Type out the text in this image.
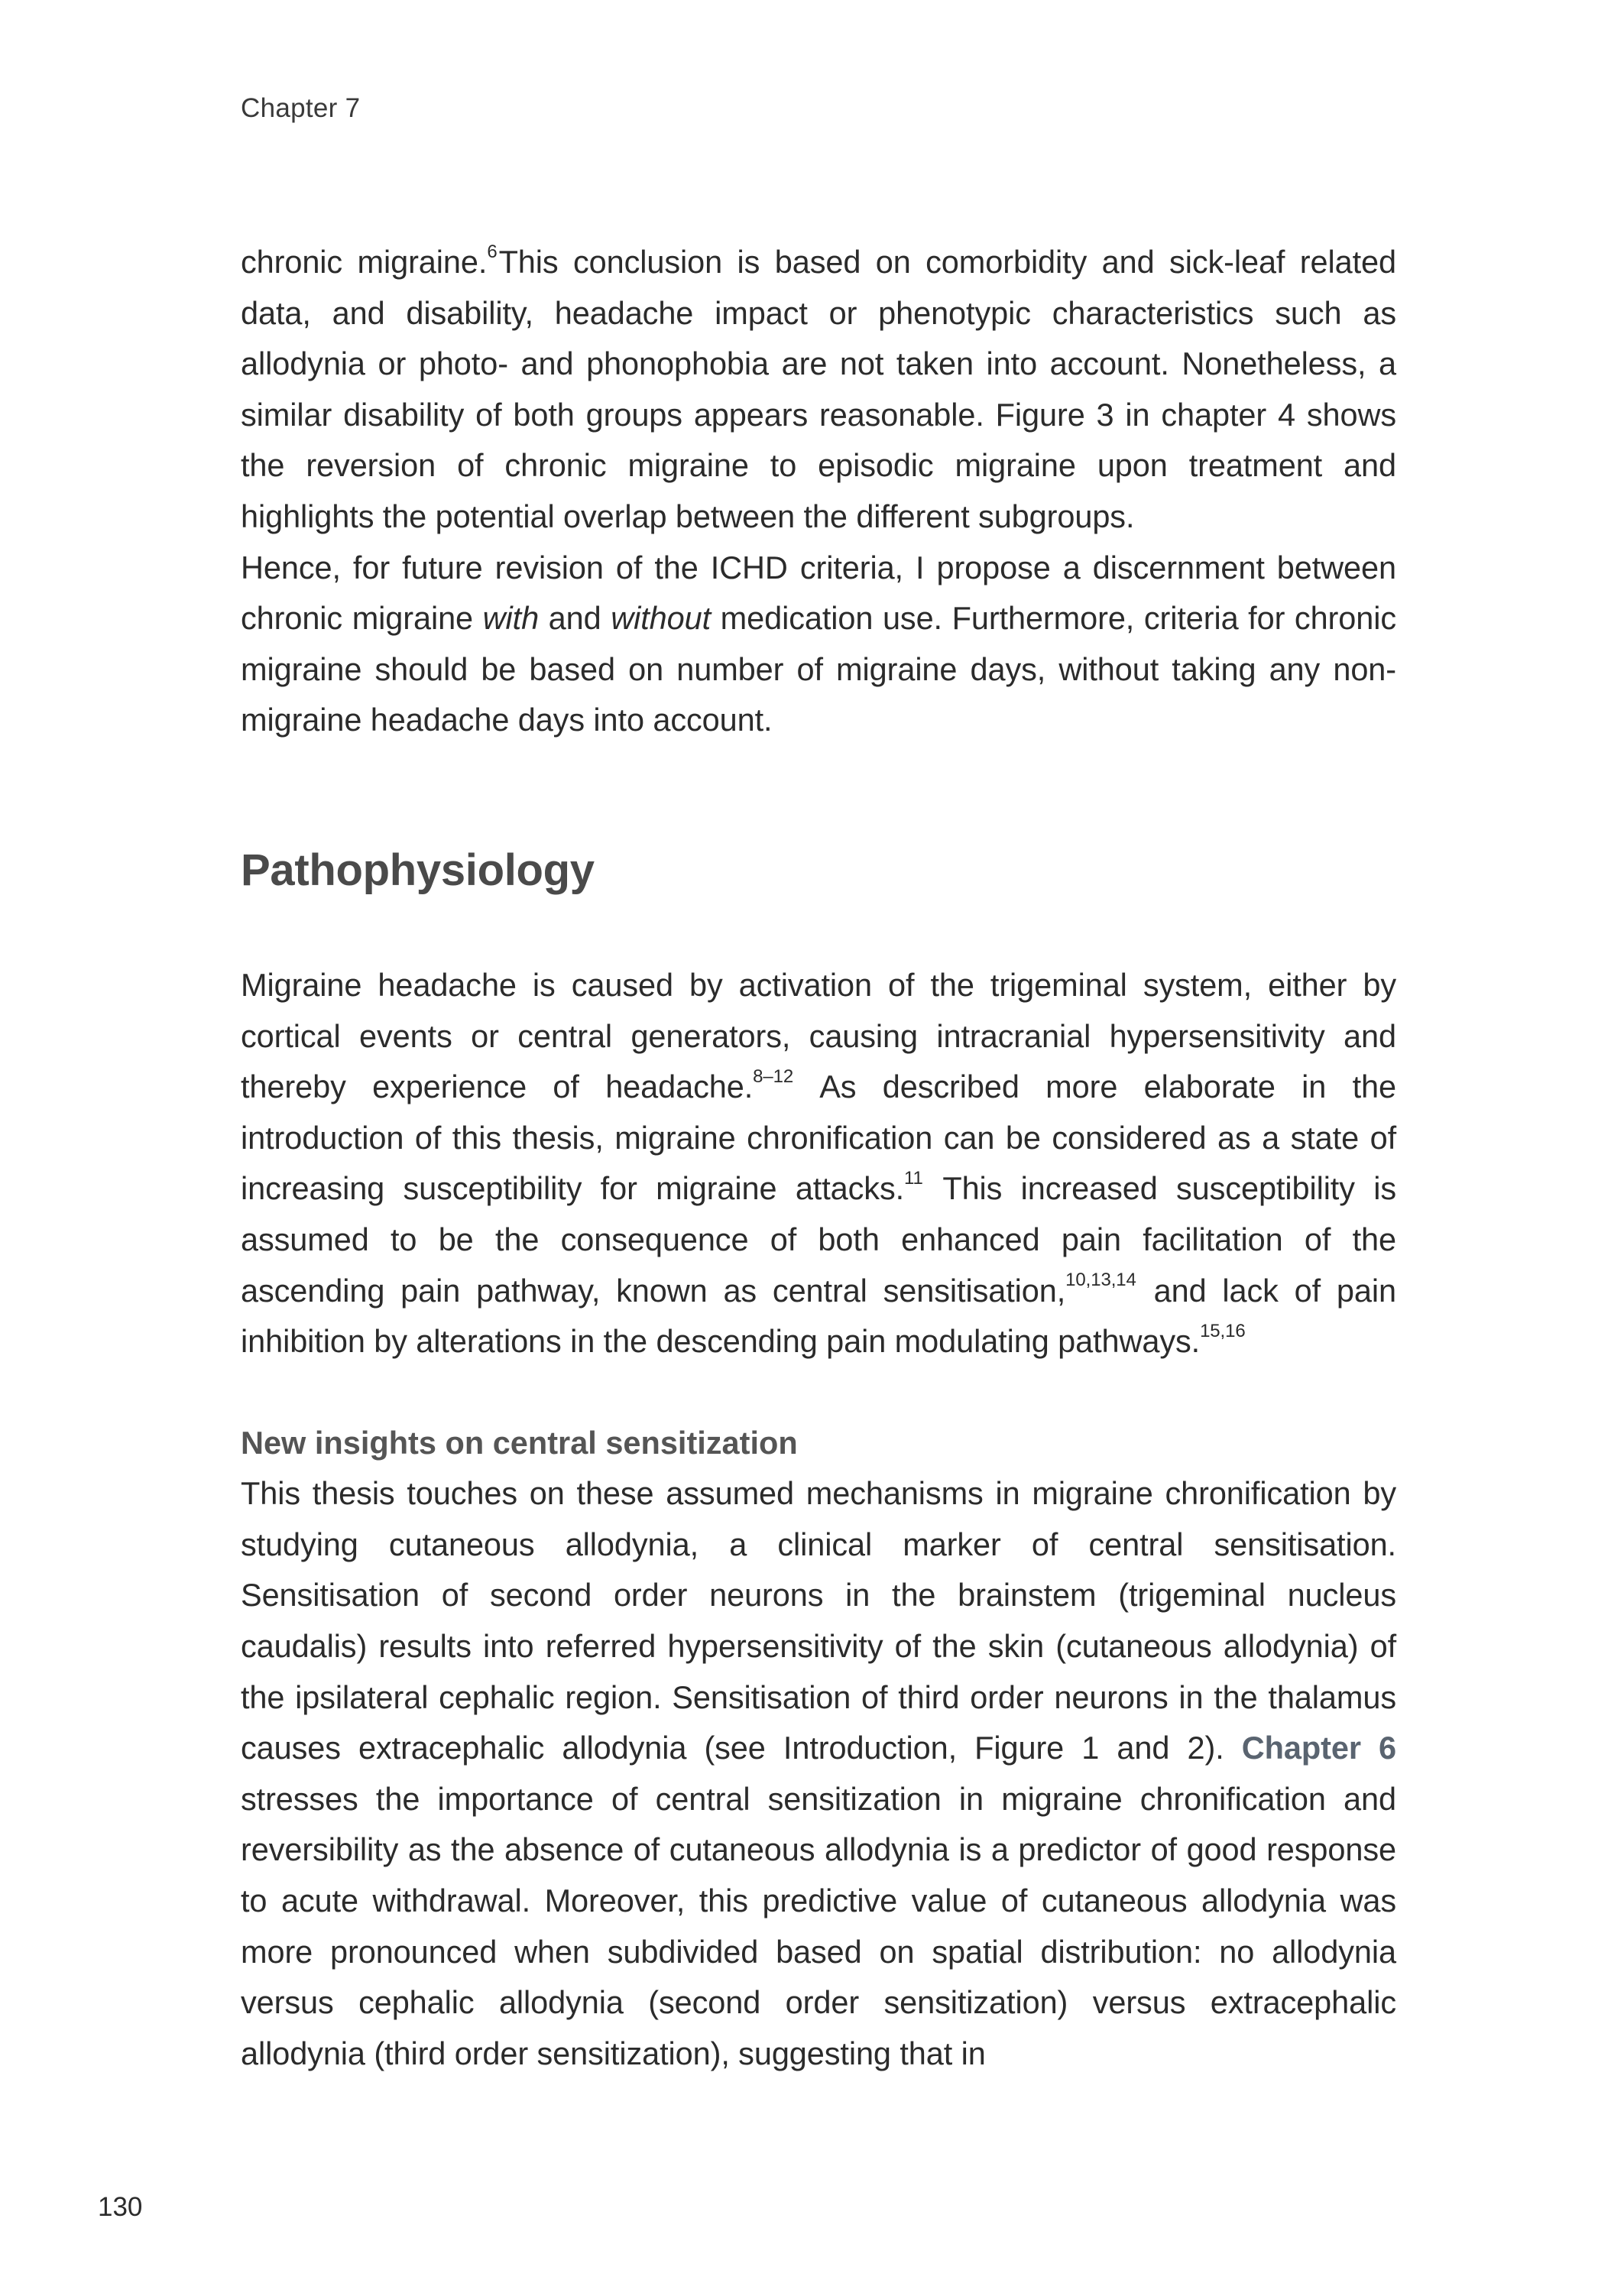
Chapter 7

chronic migraine.$^6$This conclusion is based on comorbidity and sick-leaf related data, and disability, headache impact or phenotypic characteristics such as allodynia or photo- and phonophobia are not taken into account. Nonetheless, a similar disability of both groups appears reasonable. Figure 3 in chapter 4 shows the reversion of chronic migraine to episodic migraine upon treatment and highlights the potential overlap between the different subgroups.

Hence, for future revision of the ICHD criteria, I propose a discernment between chronic migraine with and without medication use. Furthermore, criteria for chronic migraine should be based on number of migraine days, without taking any non-migraine headache days into account.

Pathophysiology

Migraine headache is caused by activation of the trigeminal system, either by cortical events or central generators, causing intracranial hypersensitivity and thereby experience of headache.$^{8-12}$ As described more elaborate in the introduction of this thesis, migraine chronification can be considered as a state of increasing susceptibility for migraine attacks.$^{11}$ This increased susceptibility is assumed to be the consequence of both enhanced pain facilitation of the ascending pain pathway, known as central sensitisation,$^{10,13,14}$ and lack of pain inhibition by alterations in the descending pain modulating pathways.$^{15,16}$

New insights on central sensitization

This thesis touches on these assumed mechanisms in migraine chronification by studying cutaneous allodynia, a clinical marker of central sensitisation. Sensitisation of second order neurons in the brainstem (trigeminal nucleus caudalis) results into referred hypersensitivity of the skin (cutaneous allodynia) of the ipsilateral cephalic region. Sensitisation of third order neurons in the thalamus causes extracephalic allodynia (see Introduction, Figure 1 and 2). Chapter 6 stresses the importance of central sensitization in migraine chronification and reversibility as the absence of cutaneous allodynia is a predictor of good response to acute withdrawal. Moreover, this predictive value of cutaneous allodynia was more pronounced when subdivided based on spatial distribution: no allodynia versus cephalic allodynia (second order sensitization) versus extracephalic allodynia (third order sensitization), suggesting that in

130
